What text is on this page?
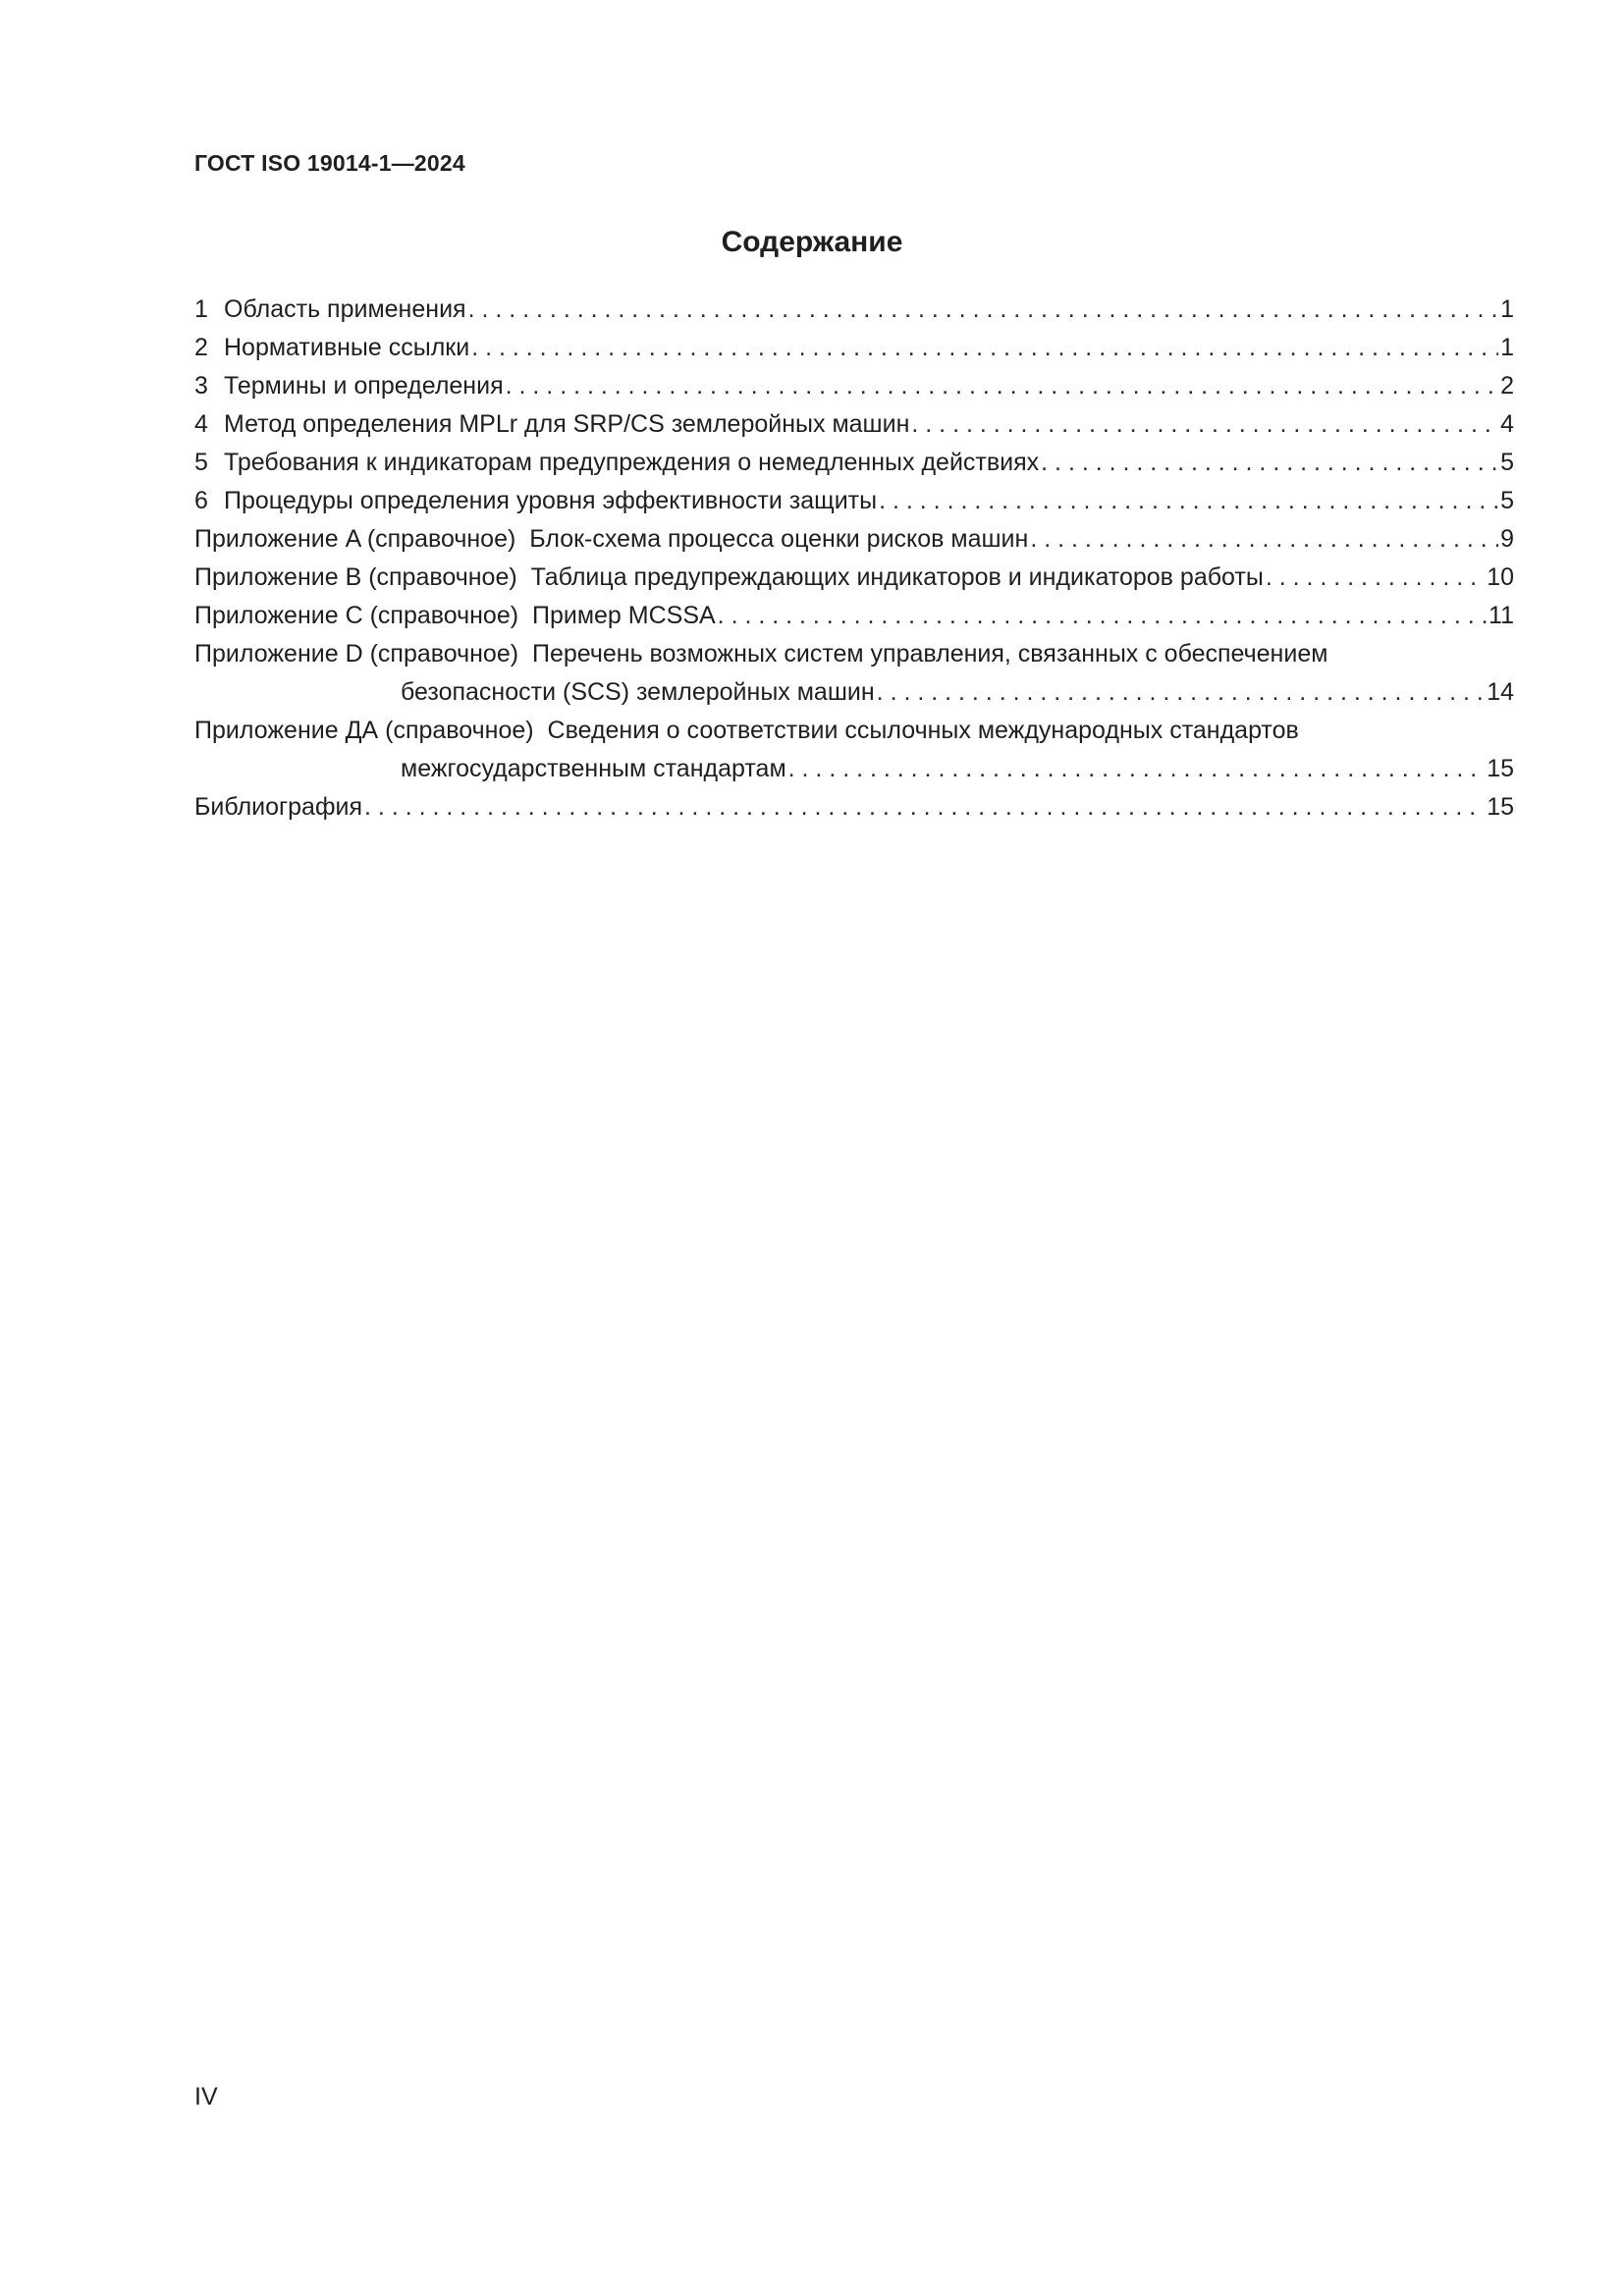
ГОСТ ISO 19014-1—2024
Содержание
1 Область применения . . .	1
2 Нормативные ссылки . . .	1
3 Термины и определения . . .	2
4 Метод определения MPLr для SRP/CS землеройных машин . . .	4
5 Требования к индикаторам предупреждения о немедленных действиях . . .	5
6 Процедуры определения уровня эффективности защиты . . .	5
Приложение A (справочное) Блок-схема процесса оценки рисков машин . . .	9
Приложение B (справочное) Таблица предупреждающих индикаторов и индикаторов работы . . .	10
Приложение C (справочное) Пример MCSSA . . .	11
Приложение D (справочное) Перечень возможных систем управления, связанных с обеспечением
безопасности (SCS) землеройных машин . . .	14
Приложение ДА (справочное) Сведения о соответствии ссылочных международных стандартов
межгосударственным стандартам . . .	15
Библиография . . .	15
IV
